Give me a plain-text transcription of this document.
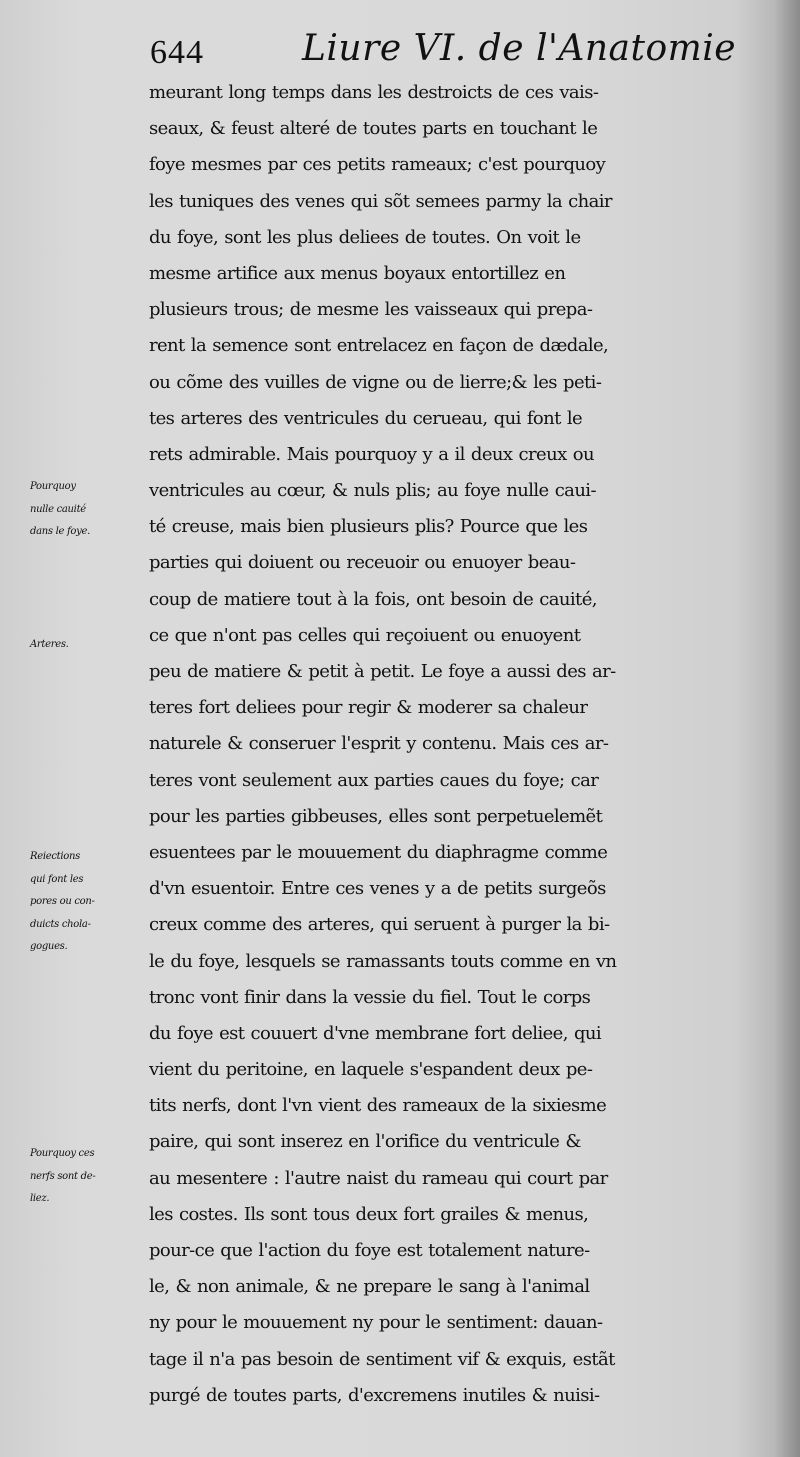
644	Liure VI. de l'Anatomie
Pourquoy
nulle cauité
dans le foye.
Arteres.
Reiections
qui font les
pores ou con-
duicts chola-
gogues.
Pourquoy ces
nerfs sont de-
liez.
meurant long temps dans les destroicts de ces vais-
seaux, & feust alteré de toutes parts en touchant le
foye mesmes par ces petits rameaux; c'est pourquoy
les tuniques des venes qui sõt semees parmy la chair
du foye, sont les plus deliees de toutes. On voit le
mesme artifice aux menus boyaux entortillez en
plusieurs trous; de mesme les vaisseaux qui prepa-
rent la semence sont entrelacez en façon de dædale,
ou cõme des vuilles de vigne ou de lierre;& les peti-
tes arteres des ventricules du cerueau, qui font le
rets admirable. Mais pourquoy y a il deux creux ou
ventricules au cœur, & nuls plis; au foye nulle caui-
té creuse, mais bien plusieurs plis? Pource que les
parties qui doiuent ou receuoir ou enuoyer beau-
coup de matiere tout à la fois, ont besoin de cauité,
ce que n'ont pas celles qui reçoiuent ou enuoyent
peu de matiere & petit à petit. Le foye a aussi des ar-
teres fort deliees pour regir & moderer sa chaleur
naturele & conseruer l'esprit y contenu. Mais ces ar-
teres vont seulement aux parties caues du foye; car
pour les parties gibbeuses, elles sont perpetuelemẽt
esuentees par le mouuement du diaphragme comme
d'vn esuentoir. Entre ces venes y a de petits surgeõs
creux comme des arteres, qui seruent à purger la bi-
le du foye, lesquels se ramassants touts comme en vn
tronc vont finir dans la vessie du fiel. Tout le corps
du foye est couuert d'vne membrane fort deliee, qui
vient du peritoine, en laquele s'espandent deux pe-
tits nerfs, dont l'vn vient des rameaux de la sixiesme
paire, qui sont inserez en l'orifice du ventricule &
au mesentere : l'autre naist du rameau qui court par
les costes. Ils sont tous deux fort grailes & menus,
pour-ce que l'action du foye est totalement nature-
le, & non animale, & ne prepare le sang à l'animal
ny pour le mouuement ny pour le sentiment: dauan-
tage il n'a pas besoin de sentiment vif & exquis, estãt
purgé de toutes parts, d'excremens inutiles & nuisi-
